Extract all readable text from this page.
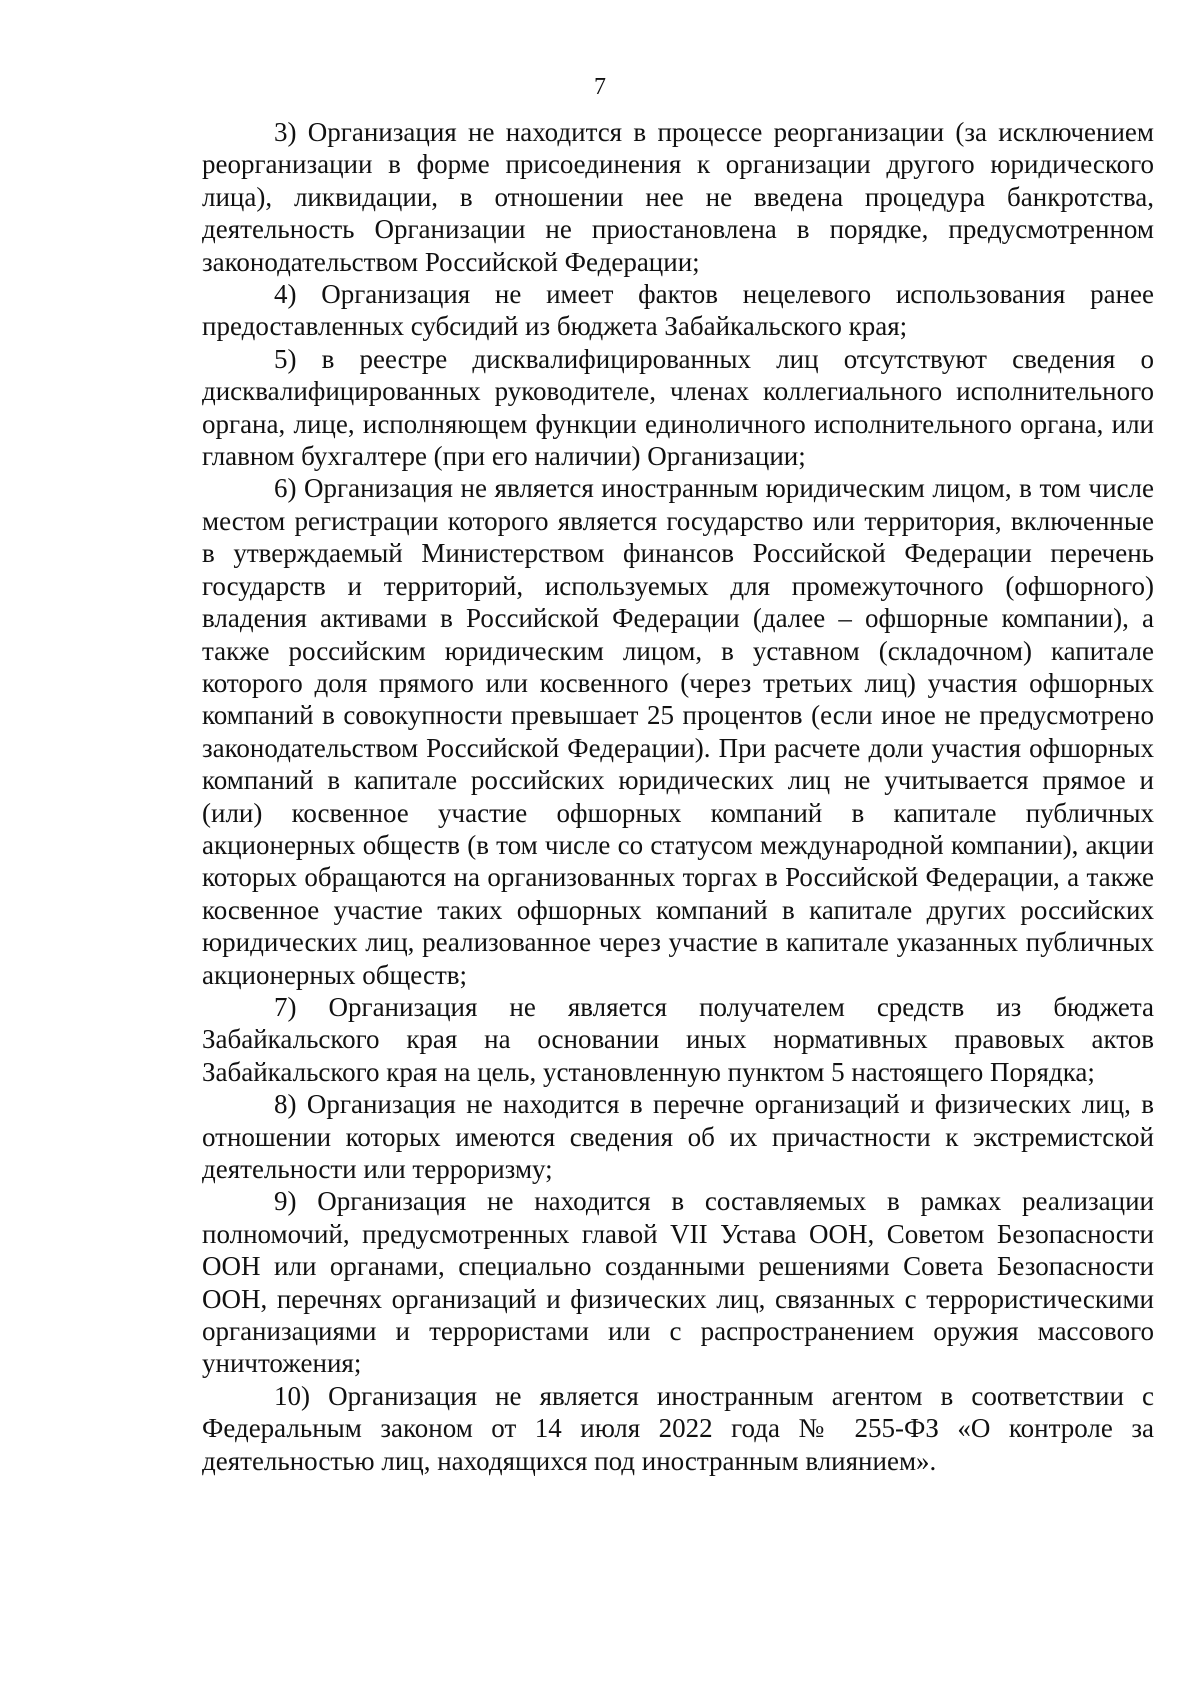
7

3) Организация не находится в процессе реорганизации (за исключением реорганизации в форме присоединения к организации другого юридического лица), ликвидации, в отношении нее не введена процедура банкротства, деятельность Организации не приостановлена в порядке, предусмотренном законодательством Российской Федерации;

4) Организация не имеет фактов нецелевого использования ранее предоставленных субсидий из бюджета Забайкальского края;

5) в реестре дисквалифицированных лиц отсутствуют сведения о дисквалифицированных руководителе, членах коллегиального исполнительного органа, лице, исполняющем функции единоличного исполнительного органа, или главном бухгалтере (при его наличии) Организации;

6) Организация не является иностранным юридическим лицом, в том числе местом регистрации которого является государство или территория, включенные в утверждаемый Министерством финансов Российской Федерации перечень государств и территорий, используемых для промежуточного (офшорного) владения активами в Российской Федерации (далее – офшорные компании), а также российским юридическим лицом, в уставном (складочном) капитале которого доля прямого или косвенного (через третьих лиц) участия офшорных компаний в совокупности превышает 25 процентов (если иное не предусмотрено законодательством Российской Федерации). При расчете доли участия офшорных компаний в капитале российских юридических лиц не учитывается прямое и (или) косвенное участие офшорных компаний в капитале публичных акционерных обществ (в том числе со статусом международной компании), акции которых обращаются на организованных торгах в Российской Федерации, а также косвенное участие таких офшорных компаний в капитале других российских юридических лиц, реализованное через участие в капитале указанных публичных акционерных обществ;

7) Организация не является получателем средств из бюджета Забайкальского края на основании иных нормативных правовых актов Забайкальского края на цель, установленную пунктом 5 настоящего Порядка;

8) Организация не находится в перечне организаций и физических лиц, в отношении которых имеются сведения об их причастности к экстремистской деятельности или терроризму;

9) Организация не находится в составляемых в рамках реализации полномочий, предусмотренных главой VII Устава ООН, Советом Безопасности ООН или органами, специально созданными решениями Совета Безопасности ООН, перечнях организаций и физических лиц, связанных с террористическими организациями и террористами или с распространением оружия массового уничтожения;

10) Организация не является иностранным агентом в соответствии с Федеральным законом от 14 июля 2022 года № 255-ФЗ «О контроле за деятельностью лиц, находящихся под иностранным влиянием».
